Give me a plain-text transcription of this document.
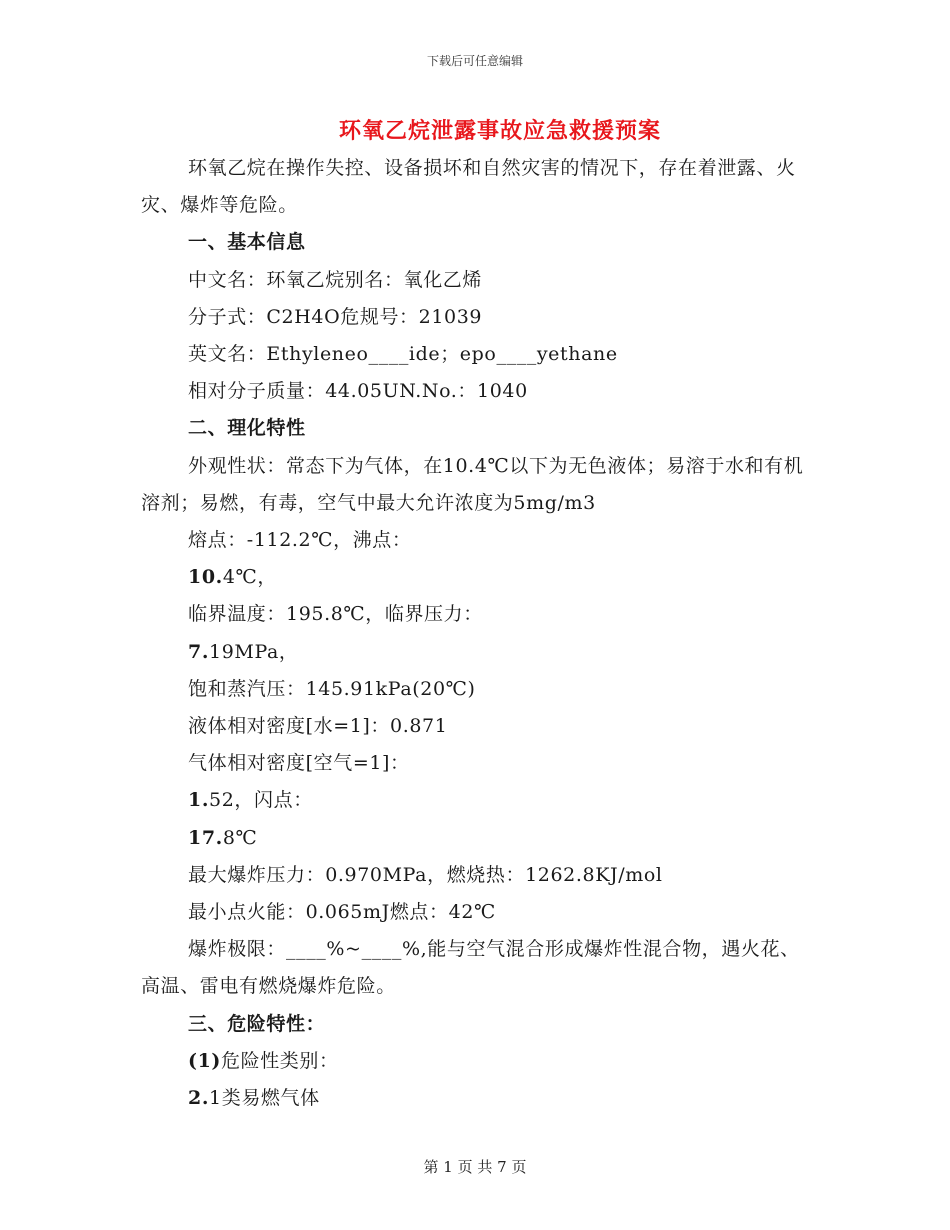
下载后可任意编辑
环氧乙烷泄露事故应急救援预案

环氧乙烷在操作失控、设备损坏和自然灾害的情况下，存在着泄露、火灾、爆炸等危险。

一、基本信息

中文名：环氧乙烷别名：氧化乙烯

分子式：C2H4O危规号：21039

英文名：Ethyleneo____ide；epo____yethane

相对分子质量：44.05UN.No.：1040

二、理化特性

外观性状：常态下为气体，在10.4℃以下为无色液体；易溶于水和有机溶剂；易燃，有毒，空气中最大允许浓度为5mg/m3

熔点：-112.2℃，沸点：

10.4℃，

临界温度：195.8℃，临界压力：

7.19MPa，

饱和蒸汽压：145.91kPa(20℃)

液体相对密度[水=1]：0.871

气体相对密度[空气=1]：

1.52，闪点：

17.8℃

最大爆炸压力：0.970MPa，燃烧热：1262.8KJ/mol

最小点火能：0.065mJ燃点：42℃

爆炸极限：____%~____%,能与空气混合形成爆炸性混合物，遇火花、高温、雷电有燃烧爆炸危险。

三、危险特性：

(1)危险性类别：

2.1类易燃气体

第 1 页 共 7 页
